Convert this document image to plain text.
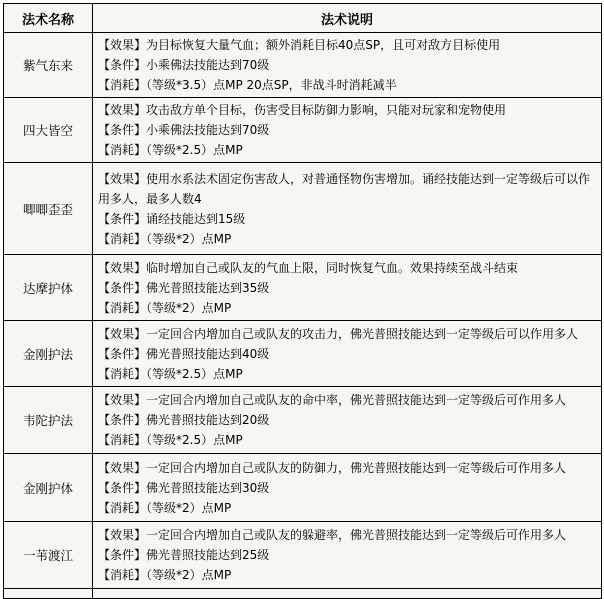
法术名称	法术说明
紫气东来	【效果】为目标恢复大量气血；额外消耗目标40点SP，且可对敌方目标使用
【条件】小乘佛法技能达到70级
【消耗】（等级*3.5）点MP 20点SP，非战斗时消耗减半

四大皆空	【效果】攻击敌方单个目标，伤害受目标防御力影响，只能对玩家和宠物使用
【条件】小乘佛法技能达到70级
【消耗】（等级*2.5）点MP

唧唧歪歪	【效果】使用水系法术固定伤害敌人，对普通怪物伤害增加。诵经技能达到一定等级后可以作用多人，最多人数4
【条件】诵经技能达到15级
【消耗】（等级*2）点MP

达摩护体	【效果】临时增加自己或队友的气血上限，同时恢复气血。效果持续至战斗结束
【条件】佛光普照技能达到35级
【消耗】（等级*2）点MP

金刚护法	【效果】一定回合内增加自己或队友的攻击力，佛光普照技能达到一定等级后可以作用多人
【条件】佛光普照技能达到40级
【消耗】（等级*2.5）点MP

韦陀护法	【效果】一定回合内增加自己或队友的命中率，佛光普照技能达到一定等级后可作用多人
【条件】佛光普照技能达到20级
【消耗】（等级*2.5）点MP

金刚护体	【效果】一定回合内增加自己或队友的防御力，佛光普照技能达到一定等级后可作用多人
【条件】佛光普照技能达到30级
【消耗】（等级*2）点MP

一苇渡江	【效果】一定回合内增加自己或队友的躲避率，佛光普照技能达到一定等级后可作用多人
【条件】佛光普照技能达到25级
【消耗】（等级*2）点MP
